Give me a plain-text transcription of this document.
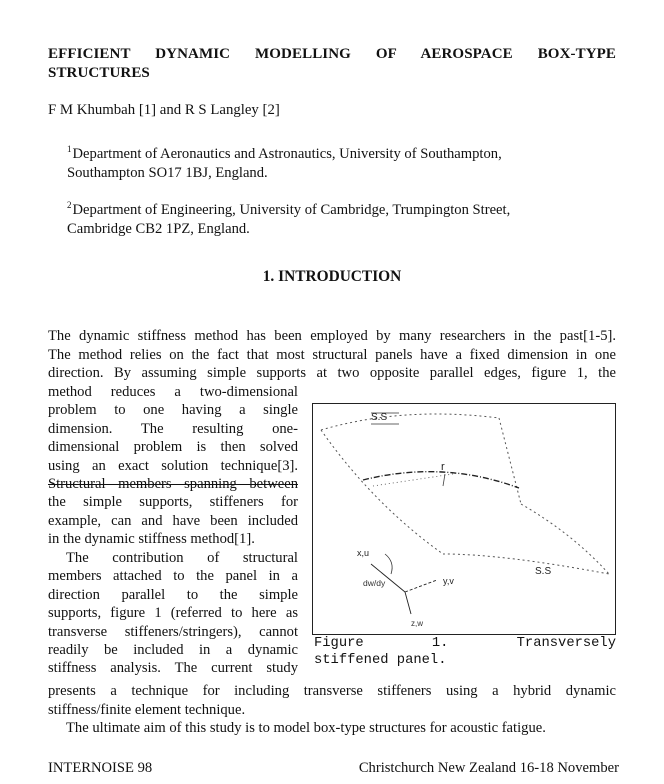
EFFICIENT DYNAMIC MODELLING OF AEROSPACE BOX-TYPE STRUCTURES
F M Khumbah [1] and R S Langley [2]
$^1$Department of Aeronautics and Astronautics, University of Southampton,
Southampton SO17 1BJ, England.
$^2$Department of Engineering, University of Cambridge, Trumpington Street,
Cambridge CB2 1PZ, England.
1. INTRODUCTION
The dynamic stiffness method has been employed by many researchers in the past[1-5].
The method relies on the fact that most structural panels have a fixed dimension in one
direction. By assuming simple supports at two opposite parallel edges, figure 1, the
method reduces a two-dimensional
problem to one having a single
dimension. The resulting one-
dimensional problem is then solved
using an exact solution technique[3].
Structural members spanning between
the simple supports, stiffeners for
example, can and have been included
in the dynamic stiffness method[1].
The contribution of structural
members attached to the panel in a
direction parallel to the simple
supports, figure 1 (referred to here as
transverse stiffeners/stringers), cannot
readily be included in a dynamic
stiffness analysis. The current study
presents a technique for including transverse stiffeners using a hybrid dynamic
stiffness/finite element technique.
The ultimate aim of this study is to model box-type structures for acoustic fatigue.
S.S
S.S
r
x,u
dw/dy	y,v
z,w
Figure 1. Transversely
stiffened panel.
INTERNOISE 98	Christchurch New Zealand 16-18 November
